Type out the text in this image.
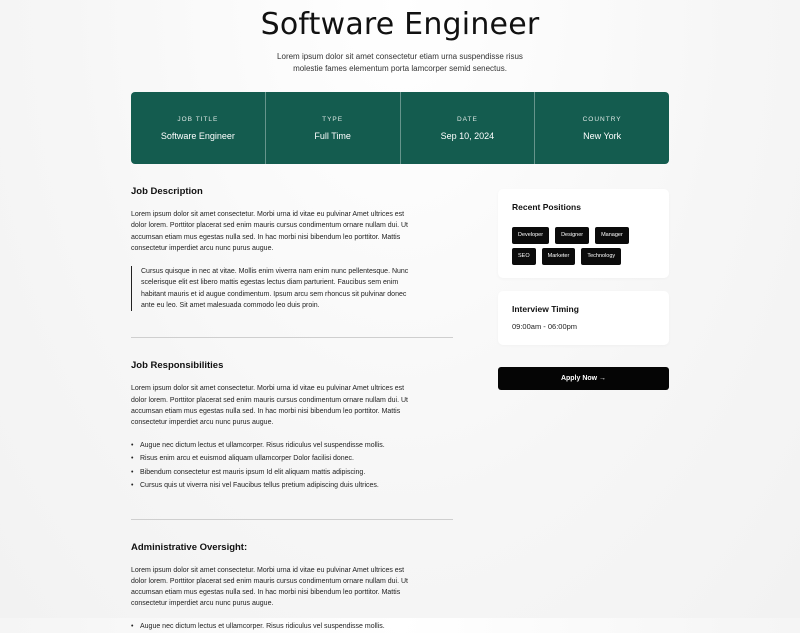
Software Engineer

Lorem ipsum dolor sit amet consectetur etiam urna suspendisse risus molestie fames elementum porta lamcorper semid senectus.

JOB TITLE
Software Engineer
TYPE
Full Time
DATE
Sep 10, 2024
COUNTRY
New York
Job Description

Lorem ipsum dolor sit amet consectetur. Morbi urna id vitae eu pulvinar Amet ultrices est dolor lorem. Porttitor placerat sed enim mauris cursus condimentum ornare nullam dui. Ut accumsan etiam mus egestas nulla sed. In hac morbi nisi bibendum leo porttitor. Mattis consectetur imperdiet arcu nunc purus augue.

Cursus quisque in nec at vitae. Mollis enim viverra nam enim nunc pellentesque. Nunc scelerisque elit est libero mattis egestas lectus diam parturient. Faucibus sem enim habitant mauris et id augue condimentum. Ipsum arcu sem rhoncus sit pulvinar donec ante eu leo. Sit amet malesuada commodo leo duis proin.
Job Responsibilities

Lorem ipsum dolor sit amet consectetur. Morbi urna id vitae eu pulvinar Amet ultrices est dolor lorem. Porttitor placerat sed enim mauris cursus condimentum ornare nullam dui. Ut accumsan etiam mus egestas nulla sed. In hac morbi nisi bibendum leo porttitor. Mattis consectetur imperdiet arcu nunc purus augue.

• Augue nec dictum lectus et ullamcorper. Risus ridiculus vel suspendisse mollis.
• Risus enim arcu et euismod aliquam ullamcorper Dolor facilisi donec.
• Bibendum consectetur est mauris ipsum Id elit aliquam mattis adipiscing.
• Cursus quis ut viverra nisi vel Faucibus tellus pretium adipiscing duis ultrices.
Administrative Oversight:

Lorem ipsum dolor sit amet consectetur. Morbi urna id vitae eu pulvinar Amet ultrices est dolor lorem. Porttitor placerat sed enim mauris cursus condimentum ornare nullam dui. Ut accumsan etiam mus egestas nulla sed. In hac morbi nisi bibendum leo porttitor. Mattis consectetur imperdiet arcu nunc purus augue.

• Augue nec dictum lectus et ullamcorper. Risus ridiculus vel suspendisse mollis.
Recent Positions
Developer	Designer	Manager
SEO	Marketer	Technology
Interview Timing
09:00am - 06:00pm
Apply Now →
